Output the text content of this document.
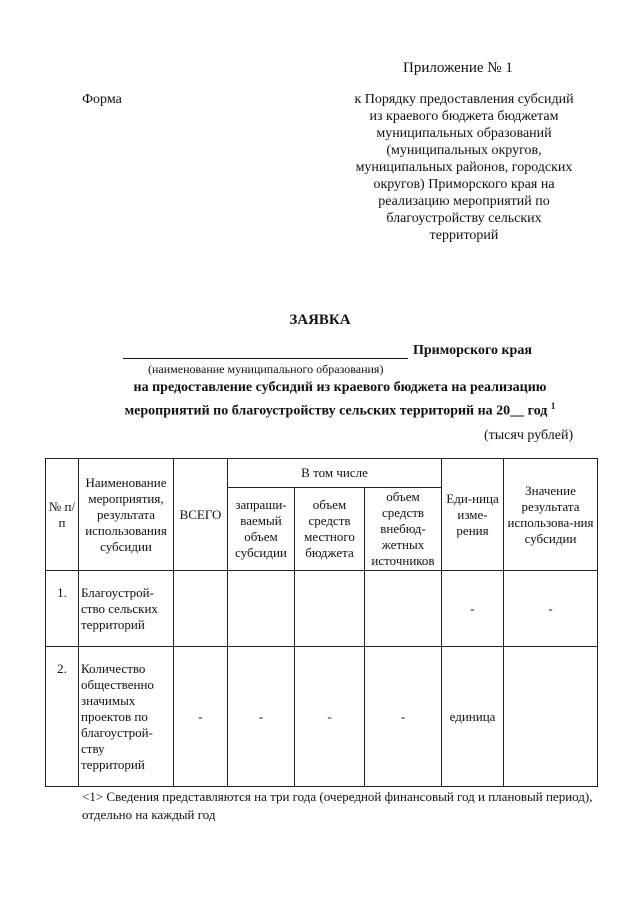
Приложение № 1
Форма	к Порядку предоставления субсидий
из краевого бюджета бюджетам
муниципальных образований
(муниципальных округов,
муниципальных районов, городских
округов) Приморского края на
реализацию мероприятий по
благоустройству сельских
территорий
ЗАЯВКА
Приморского края
(наименование муниципального образования)
на предоставление субсидий из краевого бюджета на реализацию
мероприятий по благоустройству сельских территорий на 20__ год $^1$
(тысяч рублей)
№ п/п	Наименование мероприятия, результата использования субсидии	ВСЕГО	В том числе			Еди-ница изме-рения	Значение результата использова-ния субсидии
			запраши-ваемый объем субсидии	объем средств местного бюджета	объем средств внебюд-жетных источников		
1.	Благоустрой-ство сельских территорий					-	-
2.	Количество общественно значимых проектов по благоустрой-ству территорий	-	-	-	-	единица	
<1> Сведения представляются на три года (очередной финансовый год и плановый период), отдельно на каждый год
